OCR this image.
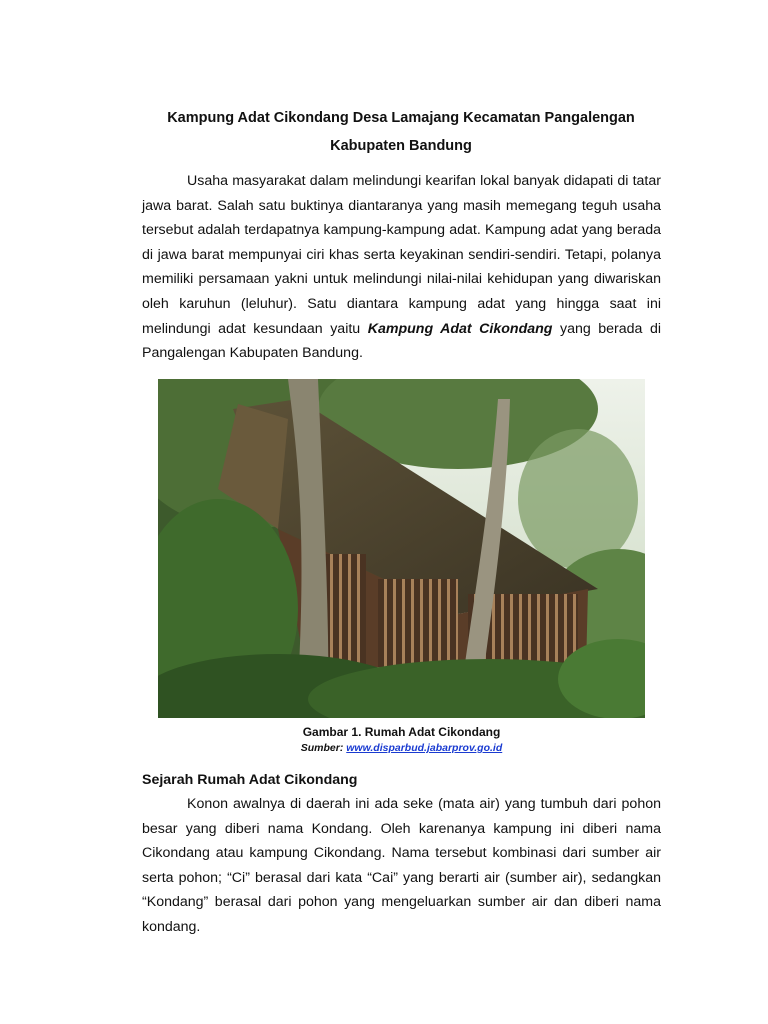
Kampung Adat Cikondang Desa Lamajang Kecamatan Pangalengan
Kabupaten Bandung

Usaha masyarakat dalam melindungi kearifan lokal banyak didapati di tatar jawa barat. Salah satu buktinya diantaranya yang masih memegang teguh usaha tersebut adalah terdapatnya kampung-kampung adat. Kampung adat yang berada di jawa barat mempunyai ciri khas serta keyakinan sendiri-sendiri. Tetapi, polanya memiliki persamaan yakni untuk melindungi nilai-nilai kehidupan yang diwariskan oleh karuhun (leluhur). Satu diantara kampung adat yang hingga saat ini melindungi adat kesundaan yaitu Kampung Adat Cikondang yang berada di Pangalengan Kabupaten Bandung.

Gambar 1. Rumah Adat Cikondang
Sumber: www.disparbud.jabarprov.go.id
Sejarah Rumah Adat Cikondang

Konon awalnya di daerah ini ada seke (mata air) yang tumbuh dari pohon besar yang diberi nama Kondang. Oleh karenanya kampung ini diberi nama Cikondang atau kampung Cikondang. Nama tersebut kombinasi dari sumber air serta pohon; “Ci” berasal dari kata “Cai” yang berarti air (sumber air), sedangkan “Kondang” berasal dari pohon yang mengeluarkan sumber air dan diberi nama kondang.
